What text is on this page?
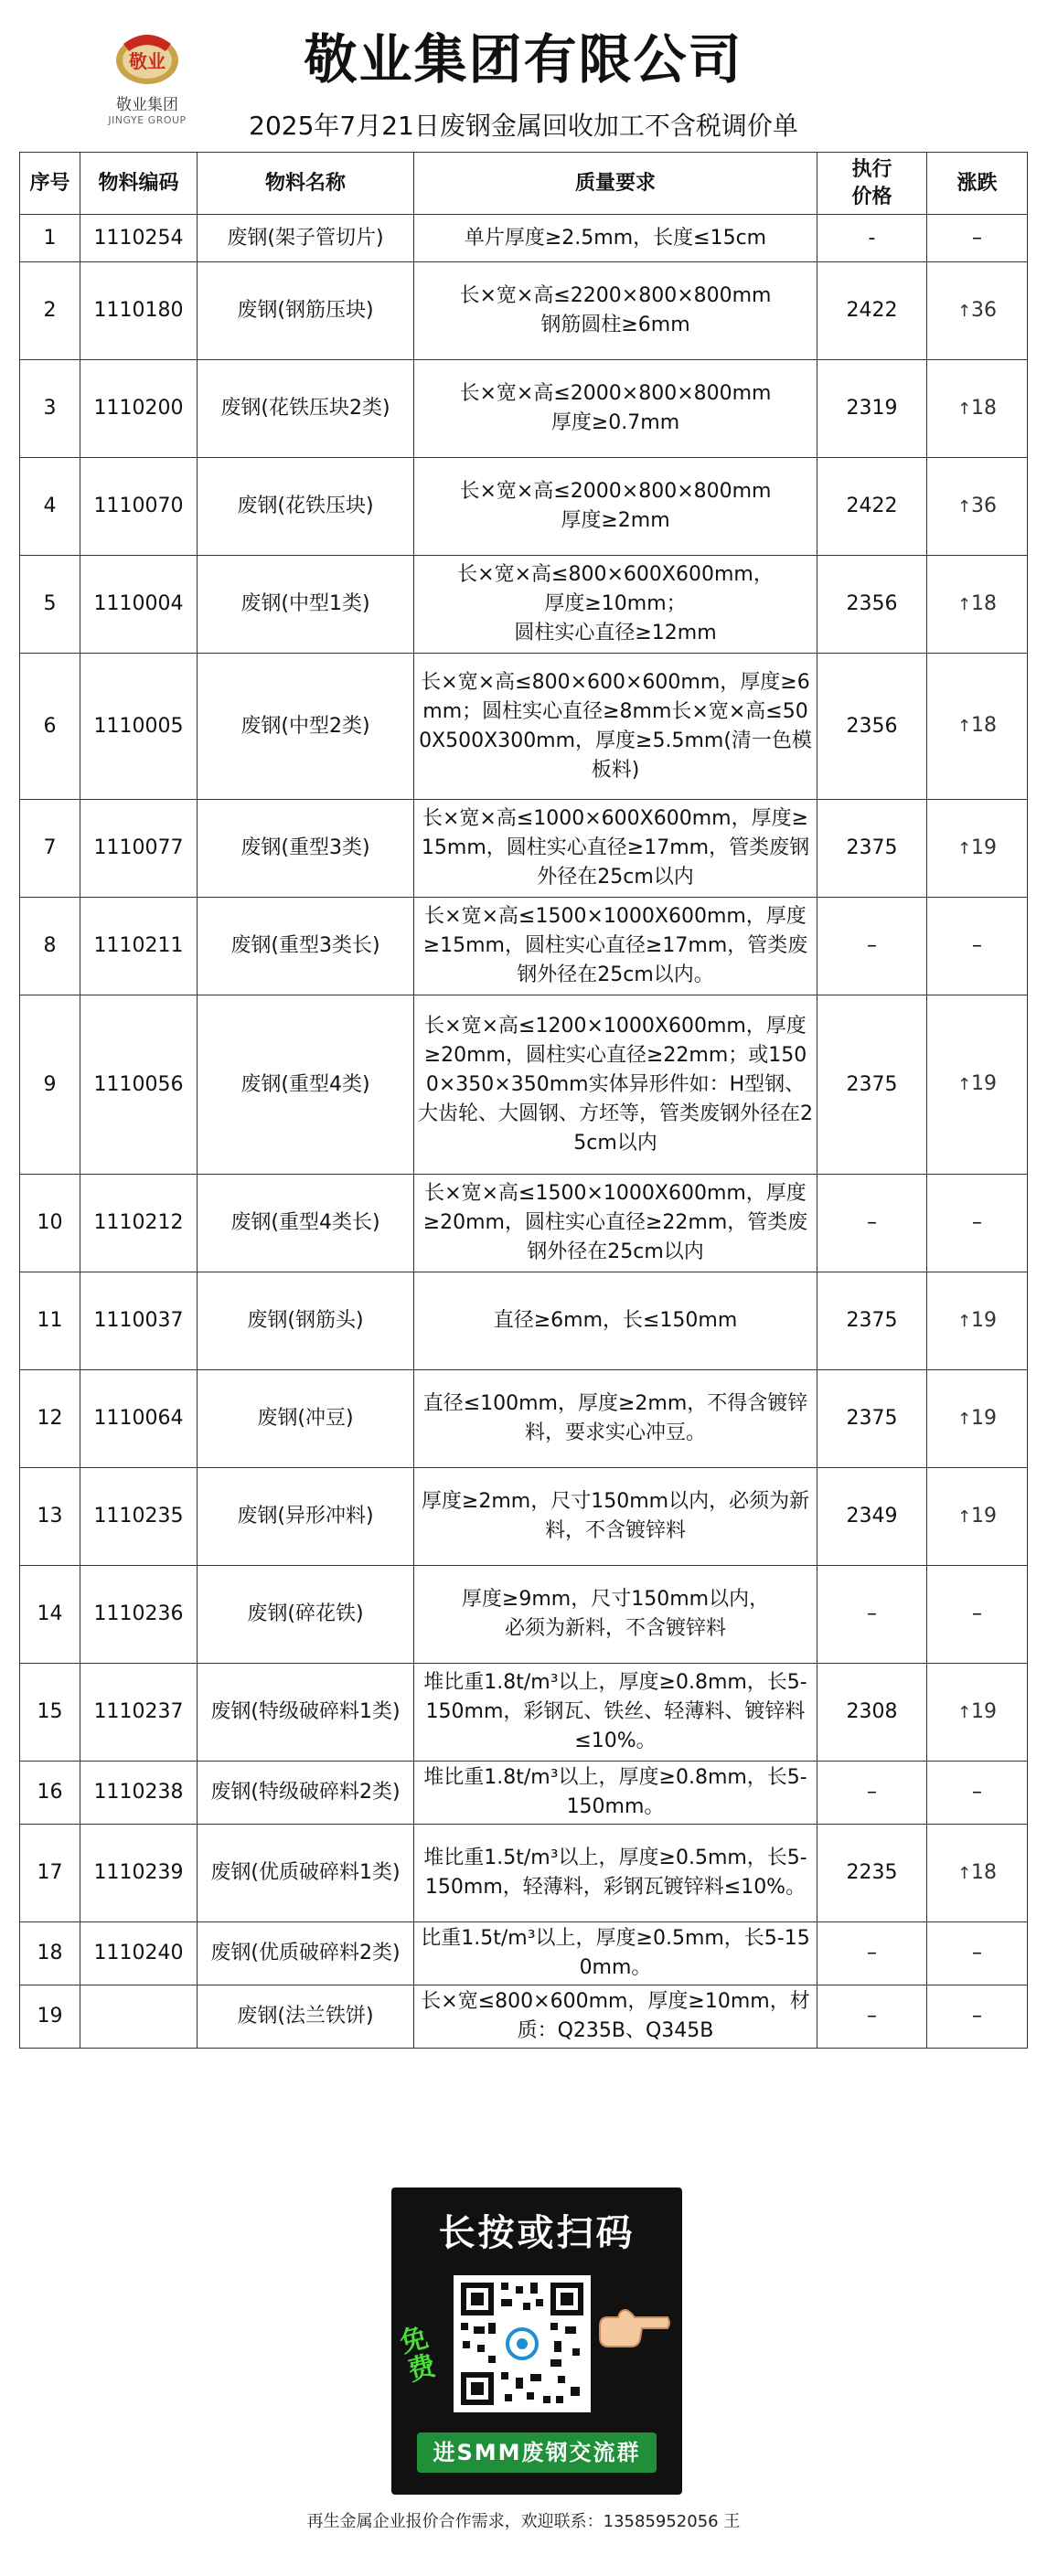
敬业
敬业集团
JINGYE GROUP
敬业集团有限公司
2025年7月21日废钢金属回收加工不含税调价单
序号	物料编码	物料名称	质量要求	执行
价格	涨跌
1	1110254	废钢(架子管切片)	单片厚度≥2.5mm，长度≤15cm	-	–
2	1110180	废钢(钢筋压块)	长×宽×高≤2200×800×800mm
钢筋圆柱≥6mm	2422	↑36
3	1110200	废钢(花铁压块2类)	长×宽×高≤2000×800×800mm
厚度≥0.7mm	2319	↑18
4	1110070	废钢(花铁压块)	长×宽×高≤2000×800×800mm
厚度≥2mm	2422	↑36
5	1110004	废钢(中型1类)	长×宽×高≤800×600X600mm，
厚度≥10mm；
圆柱实心直径≥12mm	2356	↑18
6	1110005	废钢(中型2类)	长×宽×高≤800×600×600mm，厚度≥6mm；圆柱实心直径≥8mm长×宽×高≤500X500X300mm，厚度≥5.5mm(清一色模板料)	2356	↑18
7	1110077	废钢(重型3类)	长×宽×高≤1000×600X600mm，厚度≥15mm，圆柱实心直径≥17mm，管类废钢外径在25cm以内	2375	↑19
8	1110211	废钢(重型3类长)	长×宽×高≤1500×1000X600mm，厚度≥15mm，圆柱实心直径≥17mm，管类废钢外径在25cm以内。	–	–
9	1110056	废钢(重型4类)	长×宽×高≤1200×1000X600mm，厚度≥20mm，圆柱实心直径≥22mm；或1500×350×350mm实体异形件如：H型钢、大齿轮、大圆钢、方坯等，管类废钢外径在25cm以内	2375	↑19
10	1110212	废钢(重型4类长)	长×宽×高≤1500×1000X600mm，厚度≥20mm，圆柱实心直径≥22mm，管类废钢外径在25cm以内	–	–
11	1110037	废钢(钢筋头)	直径≥6mm，长≤150mm	2375	↑19
12	1110064	废钢(冲豆)	直径≤100mm，厚度≥2mm，不得含镀锌料，要求实心冲豆。	2375	↑19
13	1110235	废钢(异形冲料)	厚度≥2mm，尺寸150mm以内，必须为新料，不含镀锌料	2349	↑19
14	1110236	废钢(碎花铁)	厚度≥9mm，尺寸150mm以内，
必须为新料，不含镀锌料	–	–
15	1110237	废钢(特级破碎料1类)	堆比重1.8t/m³以上，厚度≥0.8mm，长5-150mm，彩钢瓦、铁丝、轻薄料、镀锌料≤10%。	2308	↑19
16	1110238	废钢(特级破碎料2类)	堆比重1.8t/m³以上，厚度≥0.8mm，长5-150mm。	–	–
17	1110239	废钢(优质破碎料1类)	堆比重1.5t/m³以上，厚度≥0.5mm，长5-150mm，轻薄料，彩钢瓦镀锌料≤10%。	2235	↑18
18	1110240	废钢(优质破碎料2类)	比重1.5t/m³以上，厚度≥0.5mm，长5-150mm。	–	–
19		废钢(法兰铁饼)	长×宽≤800×600mm，厚度≥10mm，材质：Q235B、Q345B	–	–
长按或扫码
免费
进SMM废钢交流群
再生金属企业报价合作需求，欢迎联系：13585952056 王
